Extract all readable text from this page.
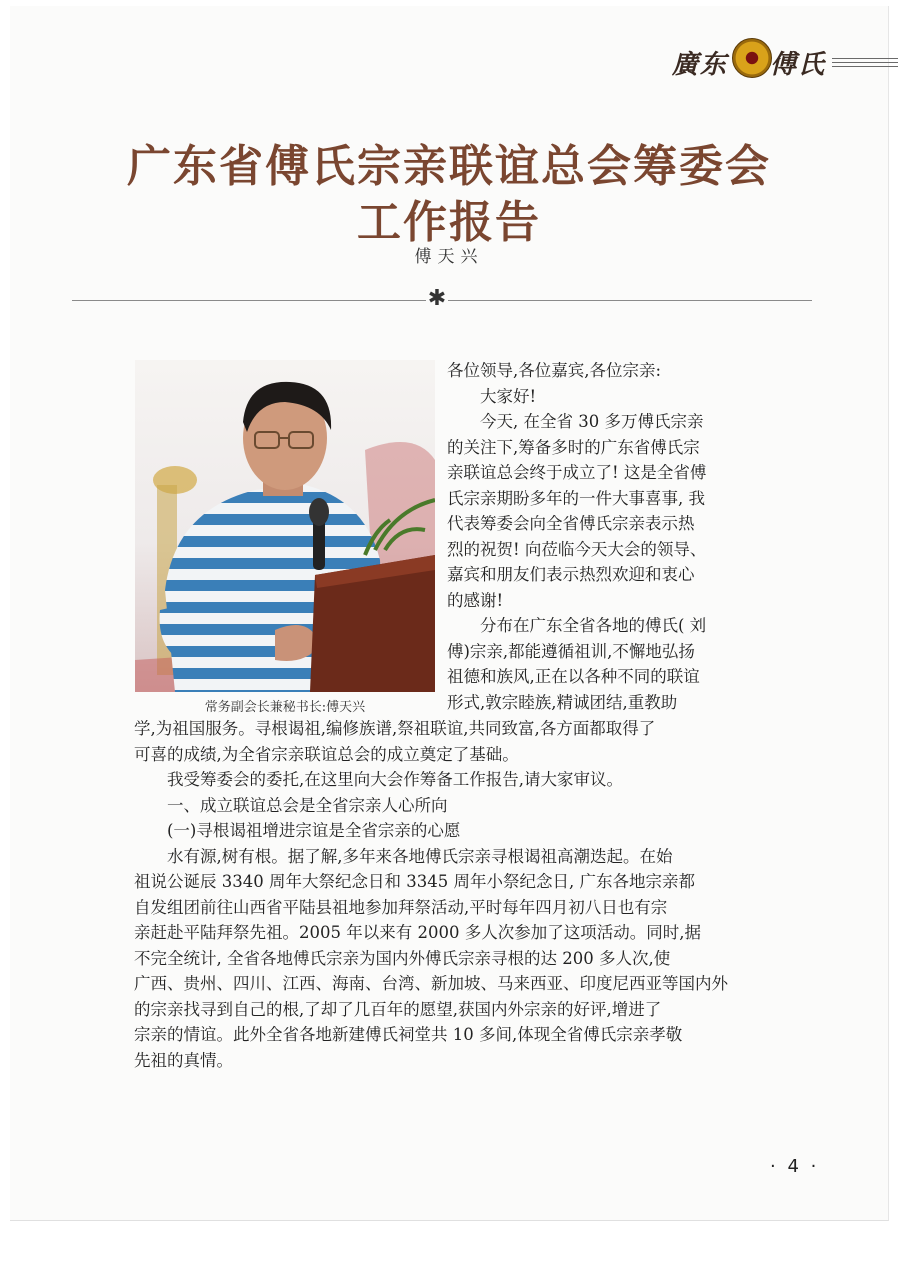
廣东 傅氏
广东省傅氏宗亲联谊总会筹委会
工作报告
傅天兴
✱
常务副会长兼秘书长:傅天兴
各位领导,各位嘉宾,各位宗亲:
　　大家好!
　　今天, 在全省 30 多万傅氏宗亲
的关注下,筹备多时的广东省傅氏宗
亲联谊总会终于成立了! 这是全省傅
氏宗亲期盼多年的一件大事喜事, 我
代表筹委会向全省傅氏宗亲表示热
烈的祝贺! 向莅临今天大会的领导、
嘉宾和朋友们表示热烈欢迎和衷心
的感谢!
　　分布在广东全省各地的傅氏( 刘
傅)宗亲,都能遵循祖训,不懈地弘扬
祖德和族风,正在以各种不同的联谊
形式,敦宗睦族,精诚团结,重教助
学,为祖国服务。寻根谒祖,编修族谱,祭祖联谊,共同致富,各方面都取得了
可喜的成绩,为全省宗亲联谊总会的成立奠定了基础。
　　我受筹委会的委托,在这里向大会作筹备工作报告,请大家审议。
　　一、成立联谊总会是全省宗亲人心所向
　　(一)寻根谒祖增进宗谊是全省宗亲的心愿
　　水有源,树有根。据了解,多年来各地傅氏宗亲寻根谒祖高潮迭起。在始
祖说公诞辰 3340 周年大祭纪念日和 3345 周年小祭纪念日, 广东各地宗亲都
自发组团前往山西省平陆县祖地参加拜祭活动,平时每年四月初八日也有宗
亲赶赴平陆拜祭先祖。2005 年以来有 2000 多人次参加了这项活动。同时,据
不完全统计, 全省各地傅氏宗亲为国内外傅氏宗亲寻根的达 200 多人次,使
广西、贵州、四川、江西、海南、台湾、新加坡、马来西亚、印度尼西亚等国内外
的宗亲找寻到自己的根,了却了几百年的愿望,获国内外宗亲的好评,增进了
宗亲的情谊。此外全省各地新建傅氏祠堂共 10 多间,体现全省傅氏宗亲孝敬
先祖的真情。
· 4 ·
